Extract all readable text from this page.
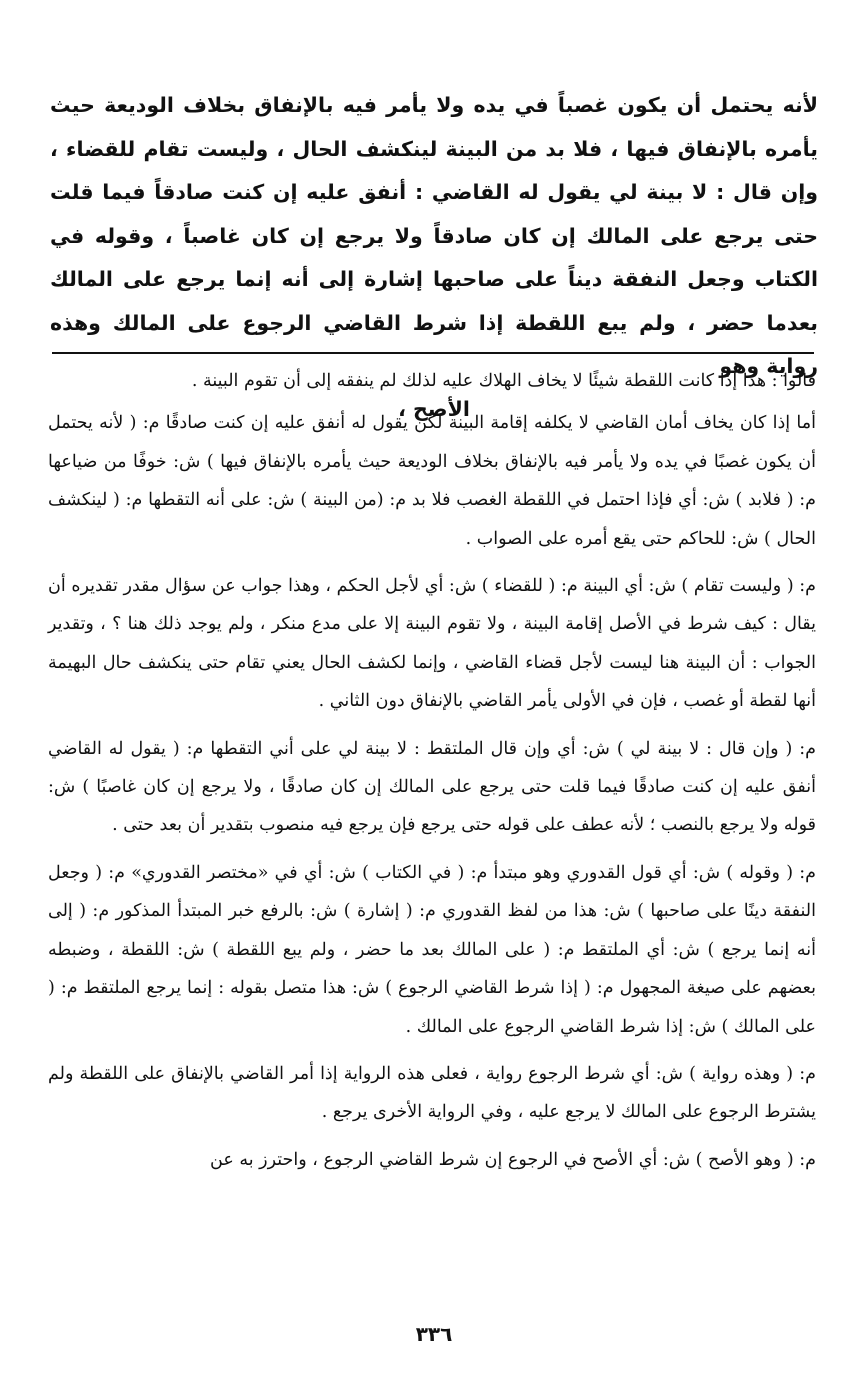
لأنه يحتمل أن يكون غصباً في يده ولا يأمر فيه بالإنفاق بخلاف الوديعة حيث يأمره بالإنفاق فيها ، فلا بد من البينة لينكشف الحال ، وليست تقام للقضاء ، وإن قال : لا بينة لي يقول له القاضي : أنفق عليه إن كنت صادقاً فيما قلت حتى يرجع على المالك إن كان صادقاً ولا يرجع إن كان غاصباً ، وقوله في الكتاب وجعل النفقة ديناً على صاحبها إشارة إلى أنه إنما يرجع على المالك بعدما حضر ، ولم يبع اللقطة إذا شرط القاضي الرجوع على المالك وهذه رواية وهو

الأصح ،

قالوا : هذا إذا كانت اللقطة شيئًا لا يخاف الهلاك عليه لذلك لم ينفقه إلى أن تقوم البينة .

أما إذا كان يخاف أمان القاضي لا يكلفه إقامة البينة لكن يقول له أنفق عليه إن كنت صادقًا م: ( لأنه يحتمل أن يكون غصبًا في يده ولا يأمر فيه بالإنفاق بخلاف الوديعة حيث يأمره بالإنفاق فيها ) ش: خوفًا من ضياعها م: ( فلابد ) ش: أي فإذا احتمل في اللقطة الغصب فلا بد م: (من البينة ) ش: على أنه التقطها م: ( لينكشف الحال ) ش: للحاكم حتى يقع أمره على الصواب .

م: ( وليست تقام ) ش: أي البينة م: ( للقضاء ) ش: أي لأجل الحكم ، وهذا جواب عن سؤال مقدر تقديره أن يقال : كيف شرط في الأصل إقامة البينة ، ولا تقوم البينة إلا على مدع منكر ، ولم يوجد ذلك هنا ؟ ، وتقدير الجواب : أن البينة هنا ليست لأجل قضاء القاضي ، وإنما لكشف الحال يعني تقام حتى ينكشف حال البهيمة أنها لقطة أو غصب ، فإن في الأولى يأمر القاضي بالإنفاق دون الثاني .

م: ( وإن قال : لا بينة لي ) ش: أي وإن قال الملتقط : لا بينة لي على أني التقطها م: ( يقول له القاضي أنفق عليه إن كنت صادقًا فيما قلت حتى يرجع على المالك إن كان صادقًا ، ولا يرجع إن كان غاصبًا ) ش: قوله ولا يرجع بالنصب ؛ لأنه عطف على قوله حتى يرجع فإن يرجع فيه منصوب بتقدير أن بعد حتى .

م: ( وقوله ) ش: أي قول القدوري وهو مبتدأ م: ( في الكتاب ) ش: أي في «مختصر القدوري» م: ( وجعل النفقة دينًا على صاحبها ) ش: هذا من لفظ القدوري م: ( إشارة ) ش: بالرفع خبر المبتدأ المذكور م: ( إلى أنه إنما يرجع ) ش: أي الملتقط م: ( على المالك بعد ما حضر ، ولم يبع اللقطة ) ش: اللقطة ، وضبطه بعضهم على صيغة المجهول م: ( إذا شرط القاضي الرجوع ) ش: هذا متصل بقوله : إنما يرجع الملتقط م: ( على المالك ) ش: إذا شرط القاضي الرجوع على المالك .

م: ( وهذه رواية ) ش: أي شرط الرجوع رواية ، فعلى هذه الرواية إذا أمر القاضي بالإنفاق على اللقطة ولم يشترط الرجوع على المالك لا يرجع عليه ، وفي الرواية الأخرى يرجع .

م: ( وهو الأصح ) ش: أي الأصح في الرجوع إن شرط القاضي الرجوع ، واحترز به عن

٣٣٦
